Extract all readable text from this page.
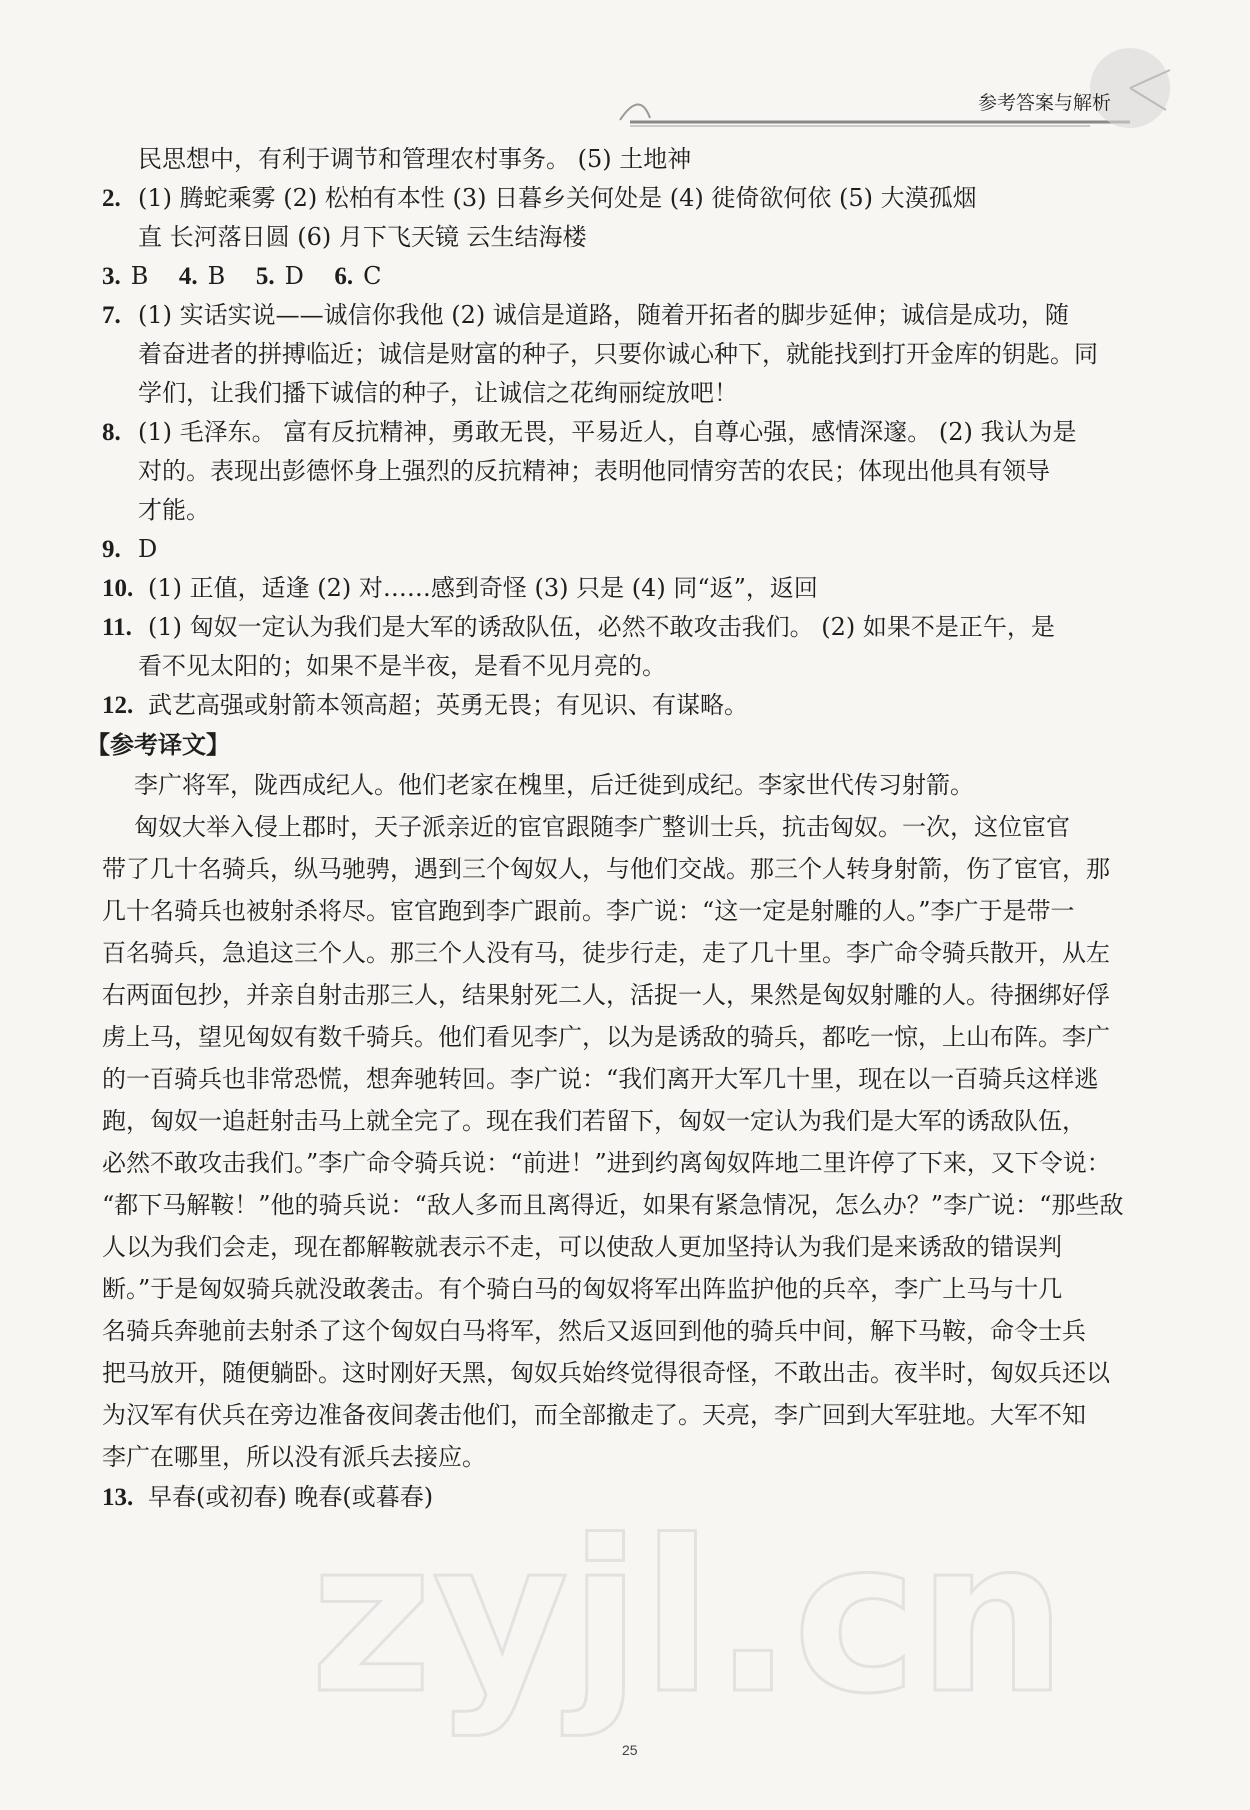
参考答案与解析
民思想中，有利于调节和管理农村事务。 (5) 土地神
2. (1) 腾蛇乘雾 (2) 松柏有本性 (3) 日暮乡关何处是 (4) 徙倚欲何依 (5) 大漠孤烟
直 长河落日圆 (6) 月下飞天镜 云生结海楼
3. B
4. B
5. D
6. C
7. (1) 实话实说——诚信你我他 (2) 诚信是道路，随着开拓者的脚步延伸；诚信是成功，随
着奋进者的拼搏临近；诚信是财富的种子，只要你诚心种下，就能找到打开金库的钥匙。同
学们，让我们播下诚信的种子，让诚信之花绚丽绽放吧！
8. (1) 毛泽东。 富有反抗精神，勇敢无畏，平易近人，自尊心强，感情深邃。 (2) 我认为是
对的。表现出彭德怀身上强烈的反抗精神；表明他同情穷苦的农民；体现出他具有领导
才能。
9. D
10. (1) 正值，适逢 (2) 对……感到奇怪 (3) 只是 (4) 同“返”，返回
11. (1) 匈奴一定认为我们是大军的诱敌队伍，必然不敢攻击我们。 (2) 如果不是正午，是
看不见太阳的；如果不是半夜，是看不见月亮的。
12. 武艺高强或射箭本领高超；英勇无畏；有见识、有谋略。
【参考译文】
李广将军，陇西成纪人。他们老家在槐里，后迁徙到成纪。李家世代传习射箭。
匈奴大举入侵上郡时，天子派亲近的宦官跟随李广整训士兵，抗击匈奴。一次，这位宦官
带了几十名骑兵，纵马驰骋，遇到三个匈奴人，与他们交战。那三个人转身射箭，伤了宦官，那
几十名骑兵也被射杀将尽。宦官跑到李广跟前。李广说：“这一定是射雕的人。”李广于是带一
百名骑兵，急追这三个人。那三个人没有马，徒步行走，走了几十里。李广命令骑兵散开，从左
右两面包抄，并亲自射击那三人，结果射死二人，活捉一人，果然是匈奴射雕的人。待捆绑好俘
虏上马，望见匈奴有数千骑兵。他们看见李广，以为是诱敌的骑兵，都吃一惊，上山布阵。李广
的一百骑兵也非常恐慌，想奔驰转回。李广说：“我们离开大军几十里，现在以一百骑兵这样逃
跑，匈奴一追赶射击马上就全完了。现在我们若留下，匈奴一定认为我们是大军的诱敌队伍，
必然不敢攻击我们。”李广命令骑兵说：“前进！”进到约离匈奴阵地二里许停了下来，又下令说：
“都下马解鞍！”他的骑兵说：“敌人多而且离得近，如果有紧急情况，怎么办？”李广说：“那些敌
人以为我们会走，现在都解鞍就表示不走，可以使敌人更加坚持认为我们是来诱敌的错误判
断。”于是匈奴骑兵就没敢袭击。有个骑白马的匈奴将军出阵监护他的兵卒，李广上马与十几
名骑兵奔驰前去射杀了这个匈奴白马将军，然后又返回到他的骑兵中间，解下马鞍，命令士兵
把马放开，随便躺卧。这时刚好天黑，匈奴兵始终觉得很奇怪，不敢出击。夜半时，匈奴兵还以
为汉军有伏兵在旁边准备夜间袭击他们，而全部撤走了。天亮，李广回到大军驻地。大军不知
李广在哪里，所以没有派兵去接应。
13. 早春(或初春) 晚春(或暮春)
zyjl.cn
25
